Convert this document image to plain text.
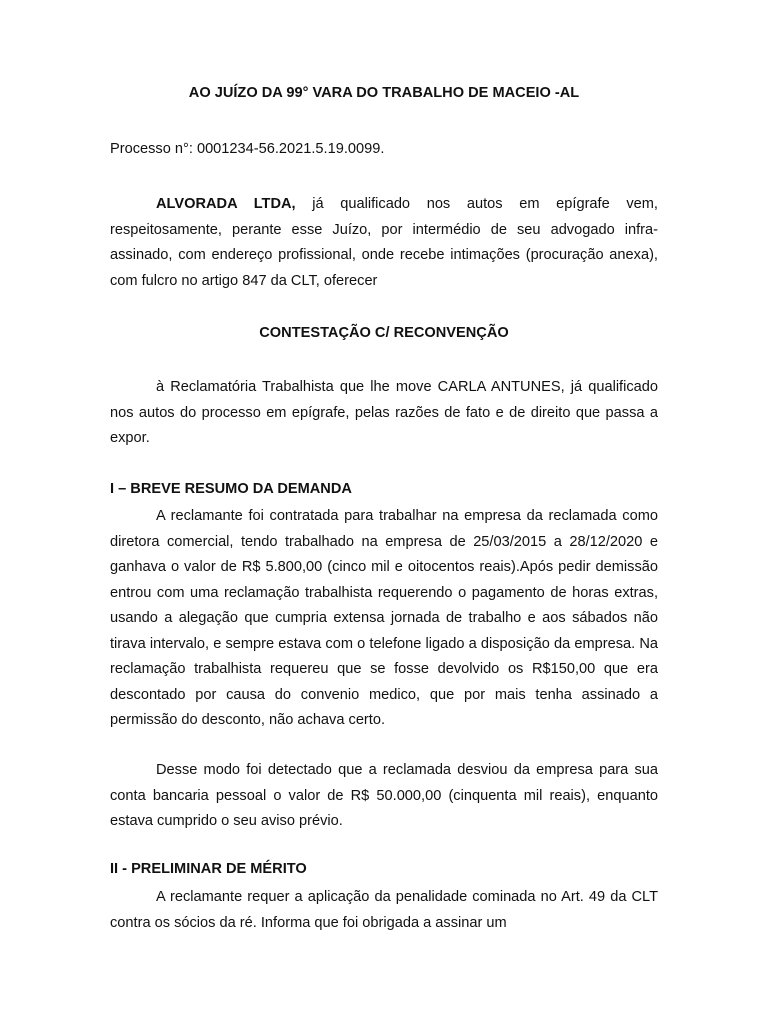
AO JUÍZO DA 99° VARA DO TRABALHO DE MACEIO -AL

Processo n°: 0001234-56.2021.5.19.0099.

ALVORADA LTDA, já qualificado nos autos em epígrafe vem, respeitosamente, perante esse Juízo, por intermédio de seu advogado infra-assinado, com endereço profissional, onde recebe intimações (procuração anexa), com fulcro no artigo 847 da CLT, oferecer

CONTESTAÇÃO C/ RECONVENÇÃO

à Reclamatória Trabalhista que lhe move CARLA ANTUNES, já qualificado nos autos do processo em epígrafe, pelas razões de fato e de direito que passa a expor.

I – BREVE RESUMO DA DEMANDA

A reclamante foi contratada para trabalhar na empresa da reclamada como diretora comercial, tendo trabalhado na empresa de 25/03/2015 a 28/12/2020 e ganhava o valor de R$ 5.800,00 (cinco mil e oitocentos reais).Após pedir demissão entrou com uma reclamação trabalhista requerendo o pagamento de horas extras, usando a alegação que cumpria extensa jornada de trabalho e aos sábados não tirava intervalo, e sempre estava com o telefone ligado a disposição da empresa. Na reclamação trabalhista requereu que se fosse devolvido os R$150,00 que era descontado por causa do convenio medico, que por mais tenha assinado a permissão do desconto, não achava certo.

Desse modo foi detectado que a reclamada desviou da empresa para sua conta bancaria pessoal o valor de R$ 50.000,00 (cinquenta mil reais), enquanto estava cumprido o seu aviso prévio.

II - PRELIMINAR DE MÉRITO

A reclamante requer a aplicação da penalidade cominada no Art. 49 da CLT contra os sócios da ré. Informa que foi obrigada a assinar um
